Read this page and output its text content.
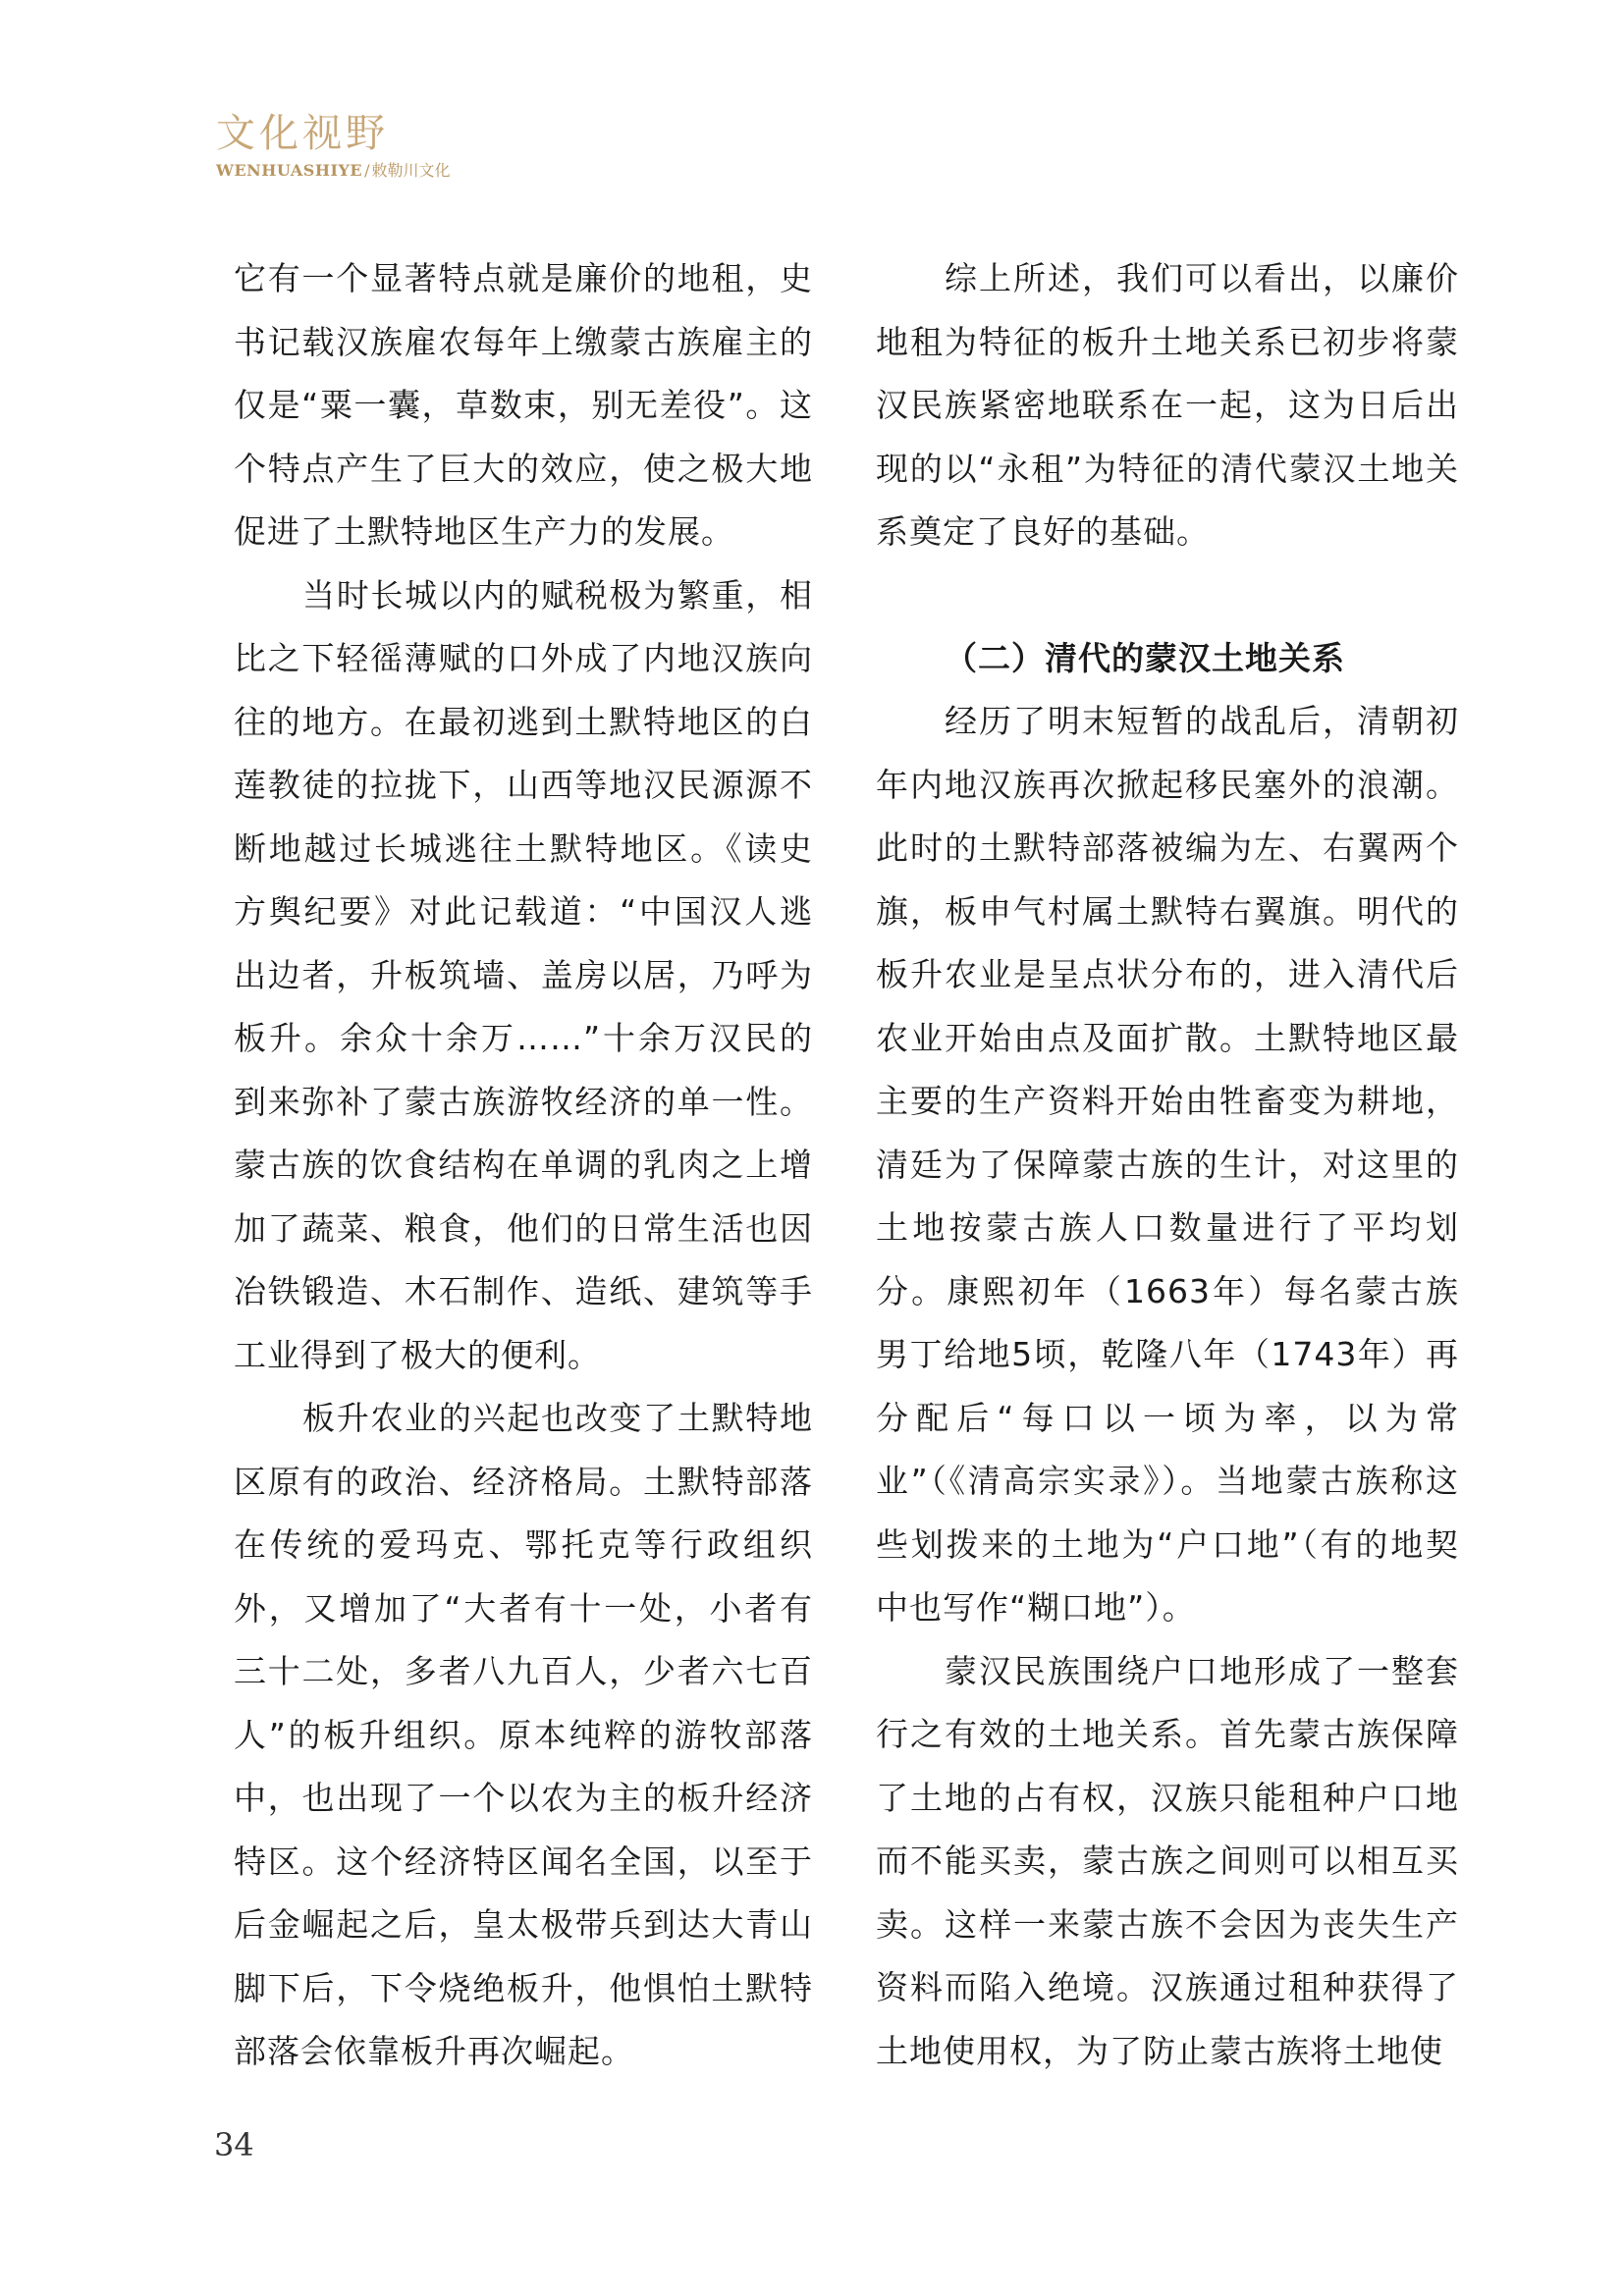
文化视野
WENHUASHIYE / 敕勒川文化

它有一个显著特点就是廉价的地租，史书记载汉族雇农每年上缴蒙古族雇主的仅是“粟一囊，草数束，别无差役”。这个特点产生了巨大的效应，使之极大地促进了土默特地区生产力的发展。

当时长城以内的赋税极为繁重，相比之下轻徭薄赋的口外成了内地汉族向往的地方。在最初逃到土默特地区的白莲教徒的拉拢下，山西等地汉民源源不断地越过长城逃往土默特地区。《读史方舆纪要》对此记载道：“中国汉人逃出边者，升板筑墙、盖房以居，乃呼为板升。余众十余万……”十余万汉民的到来弥补了蒙古族游牧经济的单一性。蒙古族的饮食结构在单调的乳肉之上增加了蔬菜、粮食，他们的日常生活也因冶铁锻造、木石制作、造纸、建筑等手工业得到了极大的便利。

板升农业的兴起也改变了土默特地区原有的政治、经济格局。土默特部落在传统的爱玛克、鄂托克等行政组织外，又增加了“大者有十一处，小者有三十二处，多者八九百人，少者六七百人”的板升组织。原本纯粹的游牧部落中，也出现了一个以农为主的板升经济特区。这个经济特区闻名全国，以至于后金崛起之后，皇太极带兵到达大青山脚下后，下令烧绝板升，他惧怕土默特部落会依靠板升再次崛起。

综上所述，我们可以看出，以廉价地租为特征的板升土地关系已初步将蒙汉民族紧密地联系在一起，这为日后出现的以“永租”为特征的清代蒙汉土地关系奠定了良好的基础。

（二）清代的蒙汉土地关系

经历了明末短暂的战乱后，清朝初年内地汉族再次掀起移民塞外的浪潮。此时的土默特部落被编为左、右翼两个旗，板申气村属土默特右翼旗。明代的板升农业是呈点状分布的，进入清代后农业开始由点及面扩散。土默特地区最主要的生产资料开始由牲畜变为耕地，清廷为了保障蒙古族的生计，对这里的土地按蒙古族人口数量进行了平均划分。康熙初年（1663年）每名蒙古族男丁给地5顷，乾隆八年（1743年）再分配后“每口以一顷为率，以为常业”（《清高宗实录》）。当地蒙古族称这些划拨来的土地为“户口地”（有的地契中也写作“糊口地”）。

蒙汉民族围绕户口地形成了一整套行之有效的土地关系。首先蒙古族保障了土地的占有权，汉族只能租种户口地而不能买卖，蒙古族之间则可以相互买卖。这样一来蒙古族不会因为丧失生产资料而陷入绝境。汉族通过租种获得了土地使用权，为了防止蒙古族将土地使

34
